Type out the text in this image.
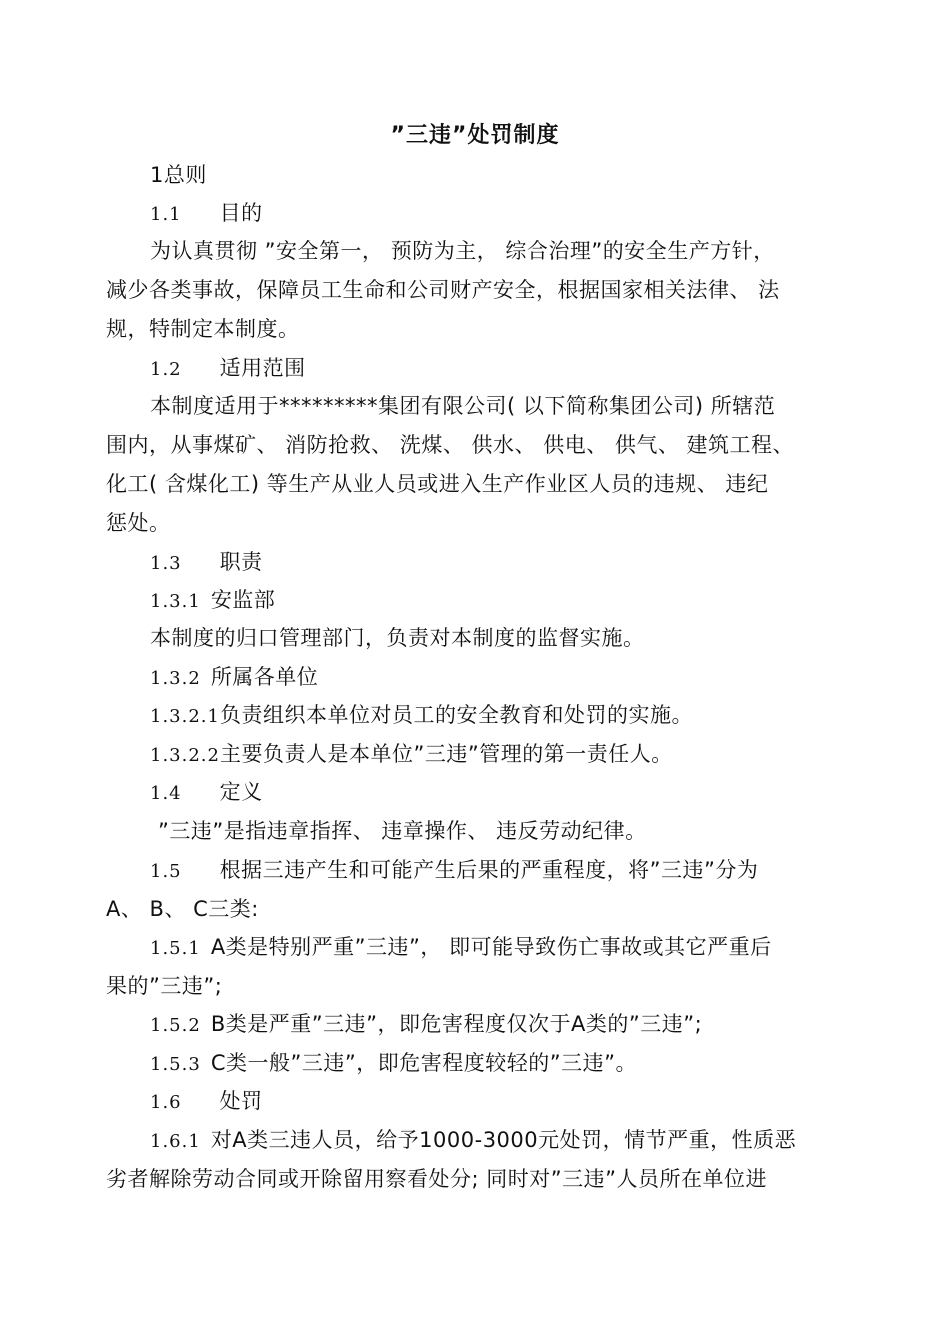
”三违”处罚制度
1总则
1.1 目的
为认真贯彻 ”安全第一， 预防为主， 综合治理”的安全生产方针，
减少各类事故，保障员工生命和公司财产安全，根据国家相关法律、 法
规，特制定本制度。
1.2 适用范围
本制度适用于*********集团有限公司( 以下简称集团公司) 所辖范
围内，从事煤矿、 消防抢救、 洗煤、 供水、 供电、 供气、 建筑工程、
化工( 含煤化工) 等生产从业人员或进入生产作业区人员的违规、 违纪
惩处。
1.3 职责
1.3.1 安监部
本制度的归口管理部门，负责对本制度的监督实施。
1.3.2 所属各单位
1.3.2.1负责组织本单位对员工的安全教育和处罚的实施。
1.3.2.2主要负责人是本单位”三违”管理的第一责任人。
1.4 定义
”三违”是指违章指挥、 违章操作、 违反劳动纪律。
1.5 根据三违产生和可能产生后果的严重程度，将”三违”分为
A、 B、 C三类:
1.5.1 A类是特别严重”三违”， 即可能导致伤亡事故或其它严重后
果的”三违”;
1.5.2 B类是严重”三违”，即危害程度仅次于A类的”三违”;
1.5.3 C类一般”三违”，即危害程度较轻的”三违”。
1.6 处罚
1.6.1 对A类三违人员，给予1000-3000元处罚，情节严重，性质恶
劣者解除劳动合同或开除留用察看处分; 同时对”三违”人员所在单位进
